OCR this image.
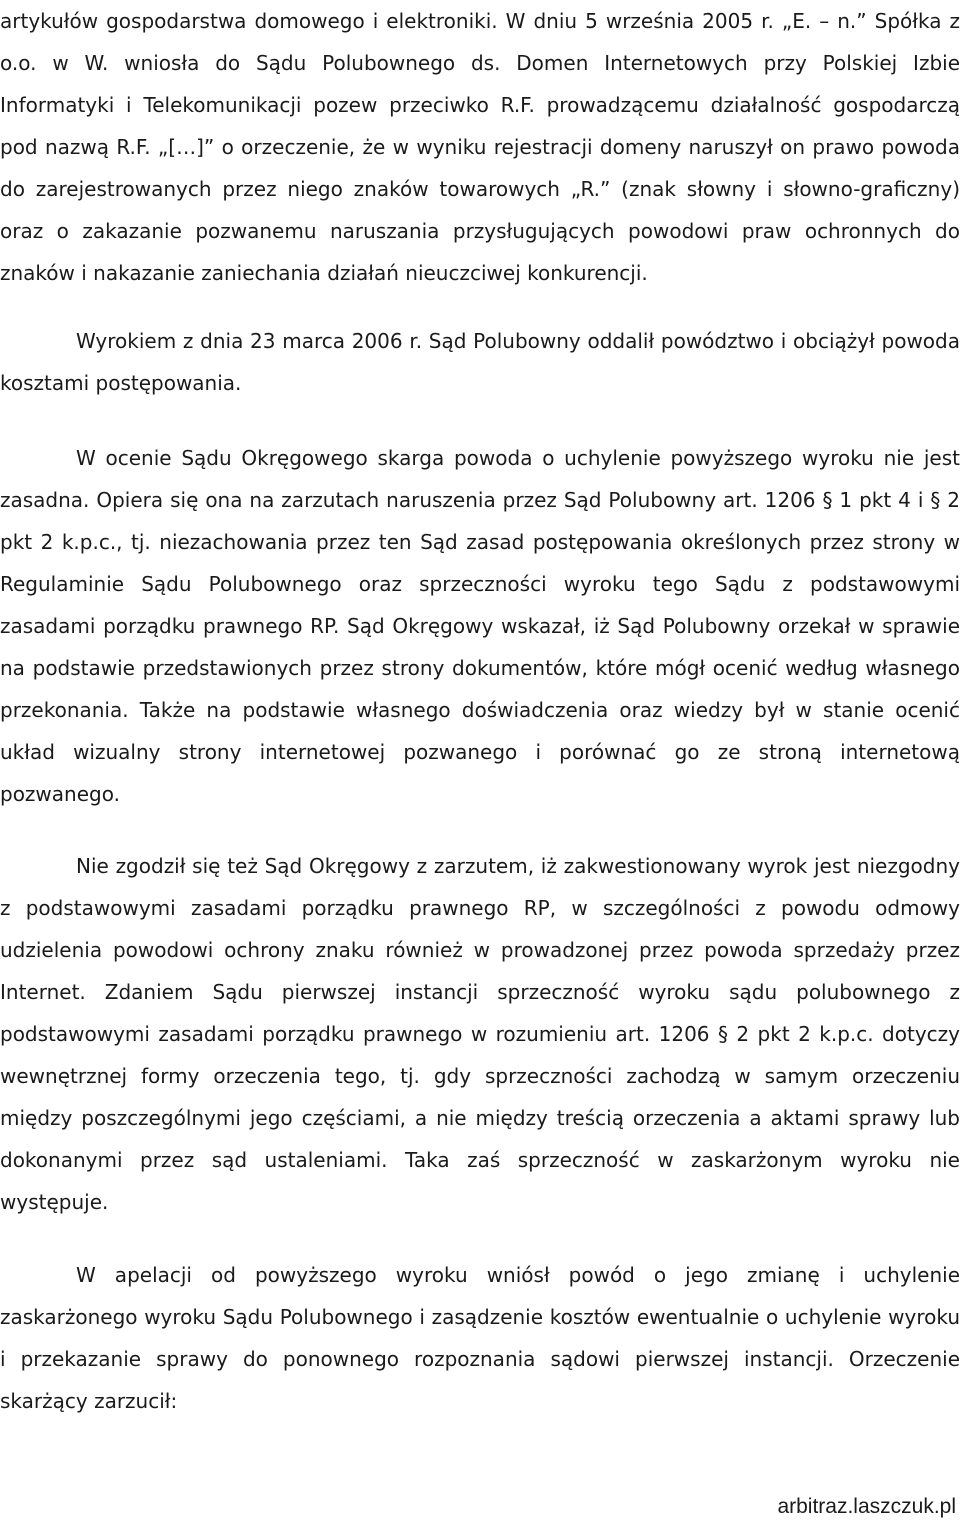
artykułów gospodarstwa domowego i elektroniki. W dniu 5 września 2005 r. „E. – n.” Spółka z o.o. w W. wniosła do Sądu Polubownego ds. Domen Internetowych przy Polskiej Izbie Informatyki i Telekomunikacji pozew przeciwko R.F. prowadzącemu działalność gospodarczą pod nazwą R.F. „[…]” o orzeczenie, że w wyniku rejestracji domeny naruszył on prawo powoda do zarejestrowanych przez niego znaków towarowych „R.” (znak słowny i słowno-graficzny) oraz o zakazanie pozwanemu naruszania przysługujących powodowi praw ochronnych do znaków i nakazanie zaniechania działań nieuczciwej konkurencji.

Wyrokiem z dnia 23 marca 2006 r. Sąd Polubowny oddalił powództwo i obciążył powoda kosztami postępowania.

W ocenie Sądu Okręgowego skarga powoda o uchylenie powyższego wyroku nie jest zasadna. Opiera się ona na zarzutach naruszenia przez Sąd Polubowny art. 1206 § 1 pkt 4 i § 2 pkt 2 k.p.c., tj. niezachowania przez ten Sąd zasad postępowania określonych przez strony w Regulaminie Sądu Polubownego oraz sprzeczności wyroku tego Sądu z podstawowymi zasadami porządku prawnego RP. Sąd Okręgowy wskazał, iż Sąd Polubowny orzekał w sprawie na podstawie przedstawionych przez strony dokumentów, które mógł ocenić według własnego przekonania. Także na podstawie własnego doświadczenia oraz wiedzy był w stanie ocenić układ wizualny strony internetowej pozwanego i porównać go ze stroną internetową pozwanego.

Nie zgodził się też Sąd Okręgowy z zarzutem, iż zakwestionowany wyrok jest niezgodny z podstawowymi zasadami porządku prawnego RP, w szczególności z powodu odmowy udzielenia powodowi ochrony znaku również w prowadzonej przez powoda sprzedaży przez Internet. Zdaniem Sądu pierwszej instancji sprzeczność wyroku sądu polubownego z podstawowymi zasadami porządku prawnego w rozumieniu art. 1206 § 2 pkt 2 k.p.c. dotyczy wewnętrznej formy orzeczenia tego, tj. gdy sprzeczności zachodzą w samym orzeczeniu między poszczególnymi jego częściami, a nie między treścią orzeczenia a aktami sprawy lub dokonanymi przez sąd ustaleniami. Taka zaś sprzeczność w zaskarżonym wyroku nie występuje.

W apelacji od powyższego wyroku wniósł powód o jego zmianę i uchylenie zaskarżonego wyroku Sądu Polubownego i zasądzenie kosztów ewentualnie o uchylenie wyroku i przekazanie sprawy do ponownego rozpoznania sądowi pierwszej instancji. Orzeczenie skarżący zarzucił:

arbitraz.laszczuk.pl
